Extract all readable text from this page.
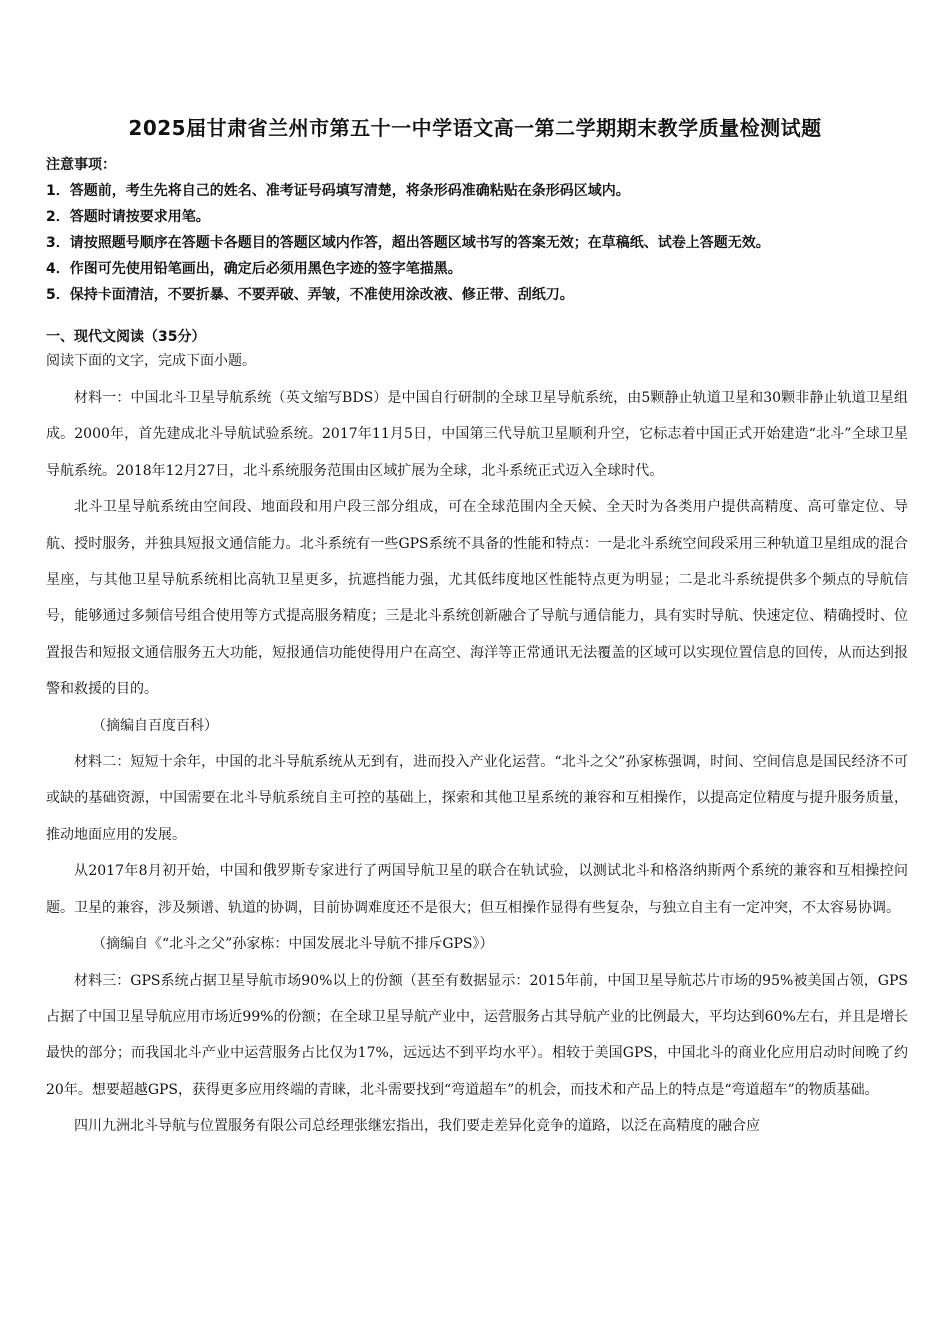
2025届甘肃省兰州市第五十一中学语文高一第二学期期末教学质量检测试题
注意事项：
1．答题前，考生先将自己的姓名、准考证号码填写清楚，将条形码准确粘贴在条形码区域内。
2．答题时请按要求用笔。
3．请按照题号顺序在答题卡各题目的答题区域内作答，超出答题区域书写的答案无效；在草稿纸、试卷上答题无效。
4．作图可先使用铅笔画出，确定后必须用黑色字迹的签字笔描黑。
5．保持卡面清洁，不要折暴、不要弄破、弄皱，不准使用涂改液、修正带、刮纸刀。
一、现代文阅读（35分）
阅读下面的文字，完成下面小题。

材料一：中国北斗卫星导航系统（英文缩写BDS）是中国自行研制的全球卫星导航系统，由5颗静止轨道卫星和30颗非静止轨道卫星组成。2000年，首先建成北斗导航试验系统。2017年11月5日，中国第三代导航卫星顺利升空，它标志着中国正式开始建造“北斗”全球卫星导航系统。2018年12月27日，北斗系统服务范围由区域扩展为全球，北斗系统正式迈入全球时代。

北斗卫星导航系统由空间段、地面段和用户段三部分组成，可在全球范围内全天候、全天时为各类用户提供高精度、高可靠定位、导航、授时服务，并独具短报文通信能力。北斗系统有一些GPS系统不具备的性能和特点：一是北斗系统空间段采用三种轨道卫星组成的混合星座，与其他卫星导航系统相比高轨卫星更多，抗遮挡能力强，尤其低纬度地区性能特点更为明显；二是北斗系统提供多个频点的导航信号，能够通过多频信号组合使用等方式提高服务精度；三是北斗系统创新融合了导航与通信能力，具有实时导航、快速定位、精确授时、位置报告和短报文通信服务五大功能，短报通信功能使得用户在高空、海洋等正常通讯无法覆盖的区域可以实现位置信息的回传，从而达到报警和救援的目的。

（摘编自百度百科）

材料二：短短十余年，中国的北斗导航系统从无到有，进而投入产业化运营。“北斗之父”孙家栋强调，时间、空间信息是国民经济不可或缺的基础资源，中国需要在北斗导航系统自主可控的基础上，探索和其他卫星系统的兼容和互相操作，以提高定位精度与提升服务质量，推动地面应用的发展。

从2017年8月初开始，中国和俄罗斯专家进行了两国导航卫星的联合在轨试验，以测试北斗和格洛纳斯两个系统的兼容和互相操控问题。卫星的兼容，涉及频谱、轨道的协调，目前协调难度还不是很大；但互相操作显得有些复杂，与独立自主有一定冲突，不太容易协调。

（摘编自《“北斗之父”孙家栋：中国发展北斗导航不排斥GPS》）

材料三：GPS系统占据卫星导航市场90%以上的份额（甚至有数据显示：2015年前，中国卫星导航芯片市场的95%被美国占领，GPS占据了中国卫星导航应用市场近99%的份额；在全球卫星导航产业中，运营服务占其导航产业的比例最大，平均达到60%左右，并且是增长最快的部分；而我国北斗产业中运营服务占比仅为17%，远远达不到平均水平）。相较于美国GPS，中国北斗的商业化应用启动时间晚了约20年。想要超越GPS，获得更多应用终端的青睐，北斗需要找到“弯道超车”的机会，而技术和产品上的特点是“弯道超车”的物质基础。

四川九洲北斗导航与位置服务有限公司总经理张继宏指出，我们要走差异化竞争的道路，以泛在高精度的融合应
